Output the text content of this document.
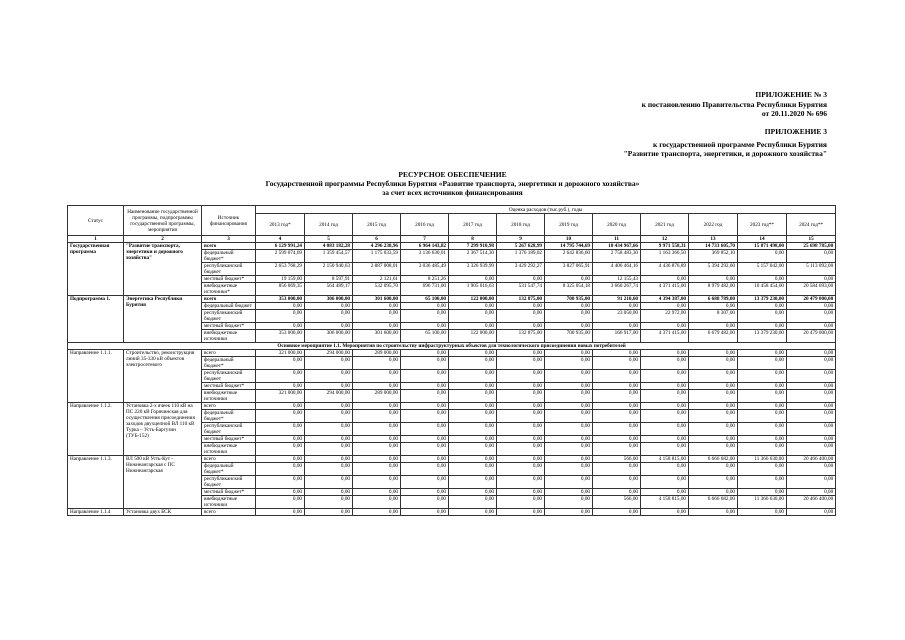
ПРИЛОЖЕНИЕ № 3
к постановлению Правительства Республики Бурятия
от 20.11.2020 № 696
ПРИЛОЖЕНИЕ 3
к государственной программе Республики Бурятия
"Развитие транспорта, энергетики, и дорожного хозяйства"
РЕСУРСНОЕ ОБЕСПЕЧЕНИЕ
Государственной программы Республики Бурятия «Развитие транспорта, энергетики и дорожного хозяйства»
за счет всех источников финансирования
Статус	Наименование государственной программы, подпрограммы государственной программы, мероприятия	Источник финансирования	Оценка расходов (тыс.руб.), годы											
			2013 год*	2014 год	2015 год	2016 год	2017 год	2018 год	2019 год	2020 год	2021 год	2022 год	2023 год**	2024 год**
1	2	3	4	5	6	7	8	9	10	11	12	13	14	15
Государственная программа	"Развитие транспорта, энергетики и дорожного хозяйства"	всего	6 129 991,24	4 083 182,28	4 296 238,96	6 964 143,82	7 299 910,98	5 267 628,99	14 795 744,69	10 434 967,66	9 971 558,31	14 733 605,70	15 871 498,00	25 698 785,00
		федеральный бюджет*	2 599 074,69	1 359 454,57	1 175 033,59	3 136 630,01	2 367 514,30	1 376 189,02	2 642 836,60	2 758 483,30	1 163 366,50	369 852,10	0,00	0,00
		республиканский бюджет	2 653 768,29	2 150 940,63	2 887 008,01	3 036 485,49	3 326 939,99	3 429 292,27	3 827 065,91	4 406 464,16	4 436 876,89	5 394 292,60	5 157 042,00	5 113 092,00
		местный бюджет*	19 159,00	8 597,91	2 121,61	8 251,26	0,00	0,00	0,00	12 155,43	0,00	0,00	0,00	0,00
		внебюджетные источники*	856 069,35	564 489,17	532 095,70	696 731,00	1 905 016,63	531 547,74	8 325 054,18	3 660 267,74	4 371 415,00	8 979 482,00	10 458 454,00	20 584 693,00
Подпрограмма 1.	Энергетика Республики Бурятия	всего	353 000,00	306 000,00	301 600,00	65 100,00	122 000,00	132 875,00	700 935,00	91 210,60	4 394 387,00	6 688 789,00	13 379 230,00	20 479 000,00
		федеральный бюджет	0,00	0,00	0,00	0,00	0,00	0,00	0,00	0,00	0,00	0,00	0,00	0,00
		республиканский бюджет	0,00	0,00	0,00	0,00	0,00	0,00	0,00	23 050,00	22 972,00	8 307,00	0,00	0,00
		местный бюджет*	0,00	0,00	0,00	0,00	0,00	0,00	0,00	0,00	0,00	0,00	0,00	0,00
		внебюджетные источники	353 000,00	306 000,00	301 600,00	65 100,00	122 000,00	132 875,00	700 935,00	166 917,00	4 371 415,00	6 679 482,00	13 379 230,00	20 479 000,00
Основное мероприятие 1.1. Мероприятия по строительству инфраструктурных объектов для технологического присоединения новых потребителей														
Направление 1.1.1.	Строительство, реконструкция линий 35-330 кВ объектов электросетевого	всего	321 000,00	294 000,00	289 000,00	0,00	0,00	0,00	0,00	0,00	0,00	0,00	0,00	0,00
		федеральный бюджет*	0,00	0,00	0,00	0,00	0,00	0,00	0,00	0,00	0,00	0,00	0,00	0,00
		республиканский бюджет	0,00	0,00	0,00	0,00	0,00	0,00	0,00	0,00	0,00	0,00	0,00	0,00
		местный бюджет*	0,00	0,00	0,00	0,00	0,00	0,00	0,00	0,00	0,00	0,00	0,00	0,00
		внебюджетные источники	321 000,00	294 000,00	289 000,00	0,00	0,00	0,00	0,00	0,00	0,00	0,00	0,00	0,00
Направление 1.1.2.	Установка 2-х ячеек 110 кВ на ПС 220 кВ Горячинская для осуществления присоединения заходов двухцепной ВЛ 110 кВ Турка – Усть-Баргузин (ТУБ-152)	всего	0,00	0,00	0,00	0,00	0,00	0,00	0,00	0,00	0,00	0,00	0,00	0,00
		федеральный бюджет*	0,00	0,00	0,00	0,00	0,00	0,00	0,00	0,00	0,00	0,00	0,00	0,00
		республиканский бюджет	0,00	0,00	0,00	0,00	0,00	0,00	0,00	0,00	0,00	0,00	0,00	0,00
		местный бюджет*	0,00	0,00	0,00	0,00	0,00	0,00	0,00	0,00	0,00	0,00	0,00	0,00
		внебюджетные источники	0,00	0,00	0,00	0,00	0,00	0,00	0,00	0,00	0,00	0,00	0,00	0,00
Направление 1.1.3.	ВЛ 500 кВ Усть-Кут - Нижнеангарская с ПС Нижнеангарская	всего	0,00	0,00	0,00	0,00	0,00	0,00	0,00	566,00	4 158 815,00	6 666 682,00	11 366 630,00	20 466 400,00
		федеральный бюджет*	0,00	0,00	0,00	0,00	0,00	0,00	0,00	0,00	0,00	0,00	0,00	0,00
		республиканский бюджет	0,00	0,00	0,00	0,00	0,00	0,00	0,00	0,00	0,00	0,00	0,00	0,00
		местный бюджет*	0,00	0,00	0,00	0,00	0,00	0,00	0,00	0,00	0,00	0,00	0,00	0,00
		внебюджетные источники	0,00	0,00	0,00	0,00	0,00	0,00	0,00	566,00	4 158 815,00	6 666 682,00	11 366 630,00	20 466 400,00
Направление 1.1.4	Установка двух БСК	всего	0,00	0,00	0,00	0,00	0,00	0,00	0,00	0,00	0,00	0,00	0,00	0,00
